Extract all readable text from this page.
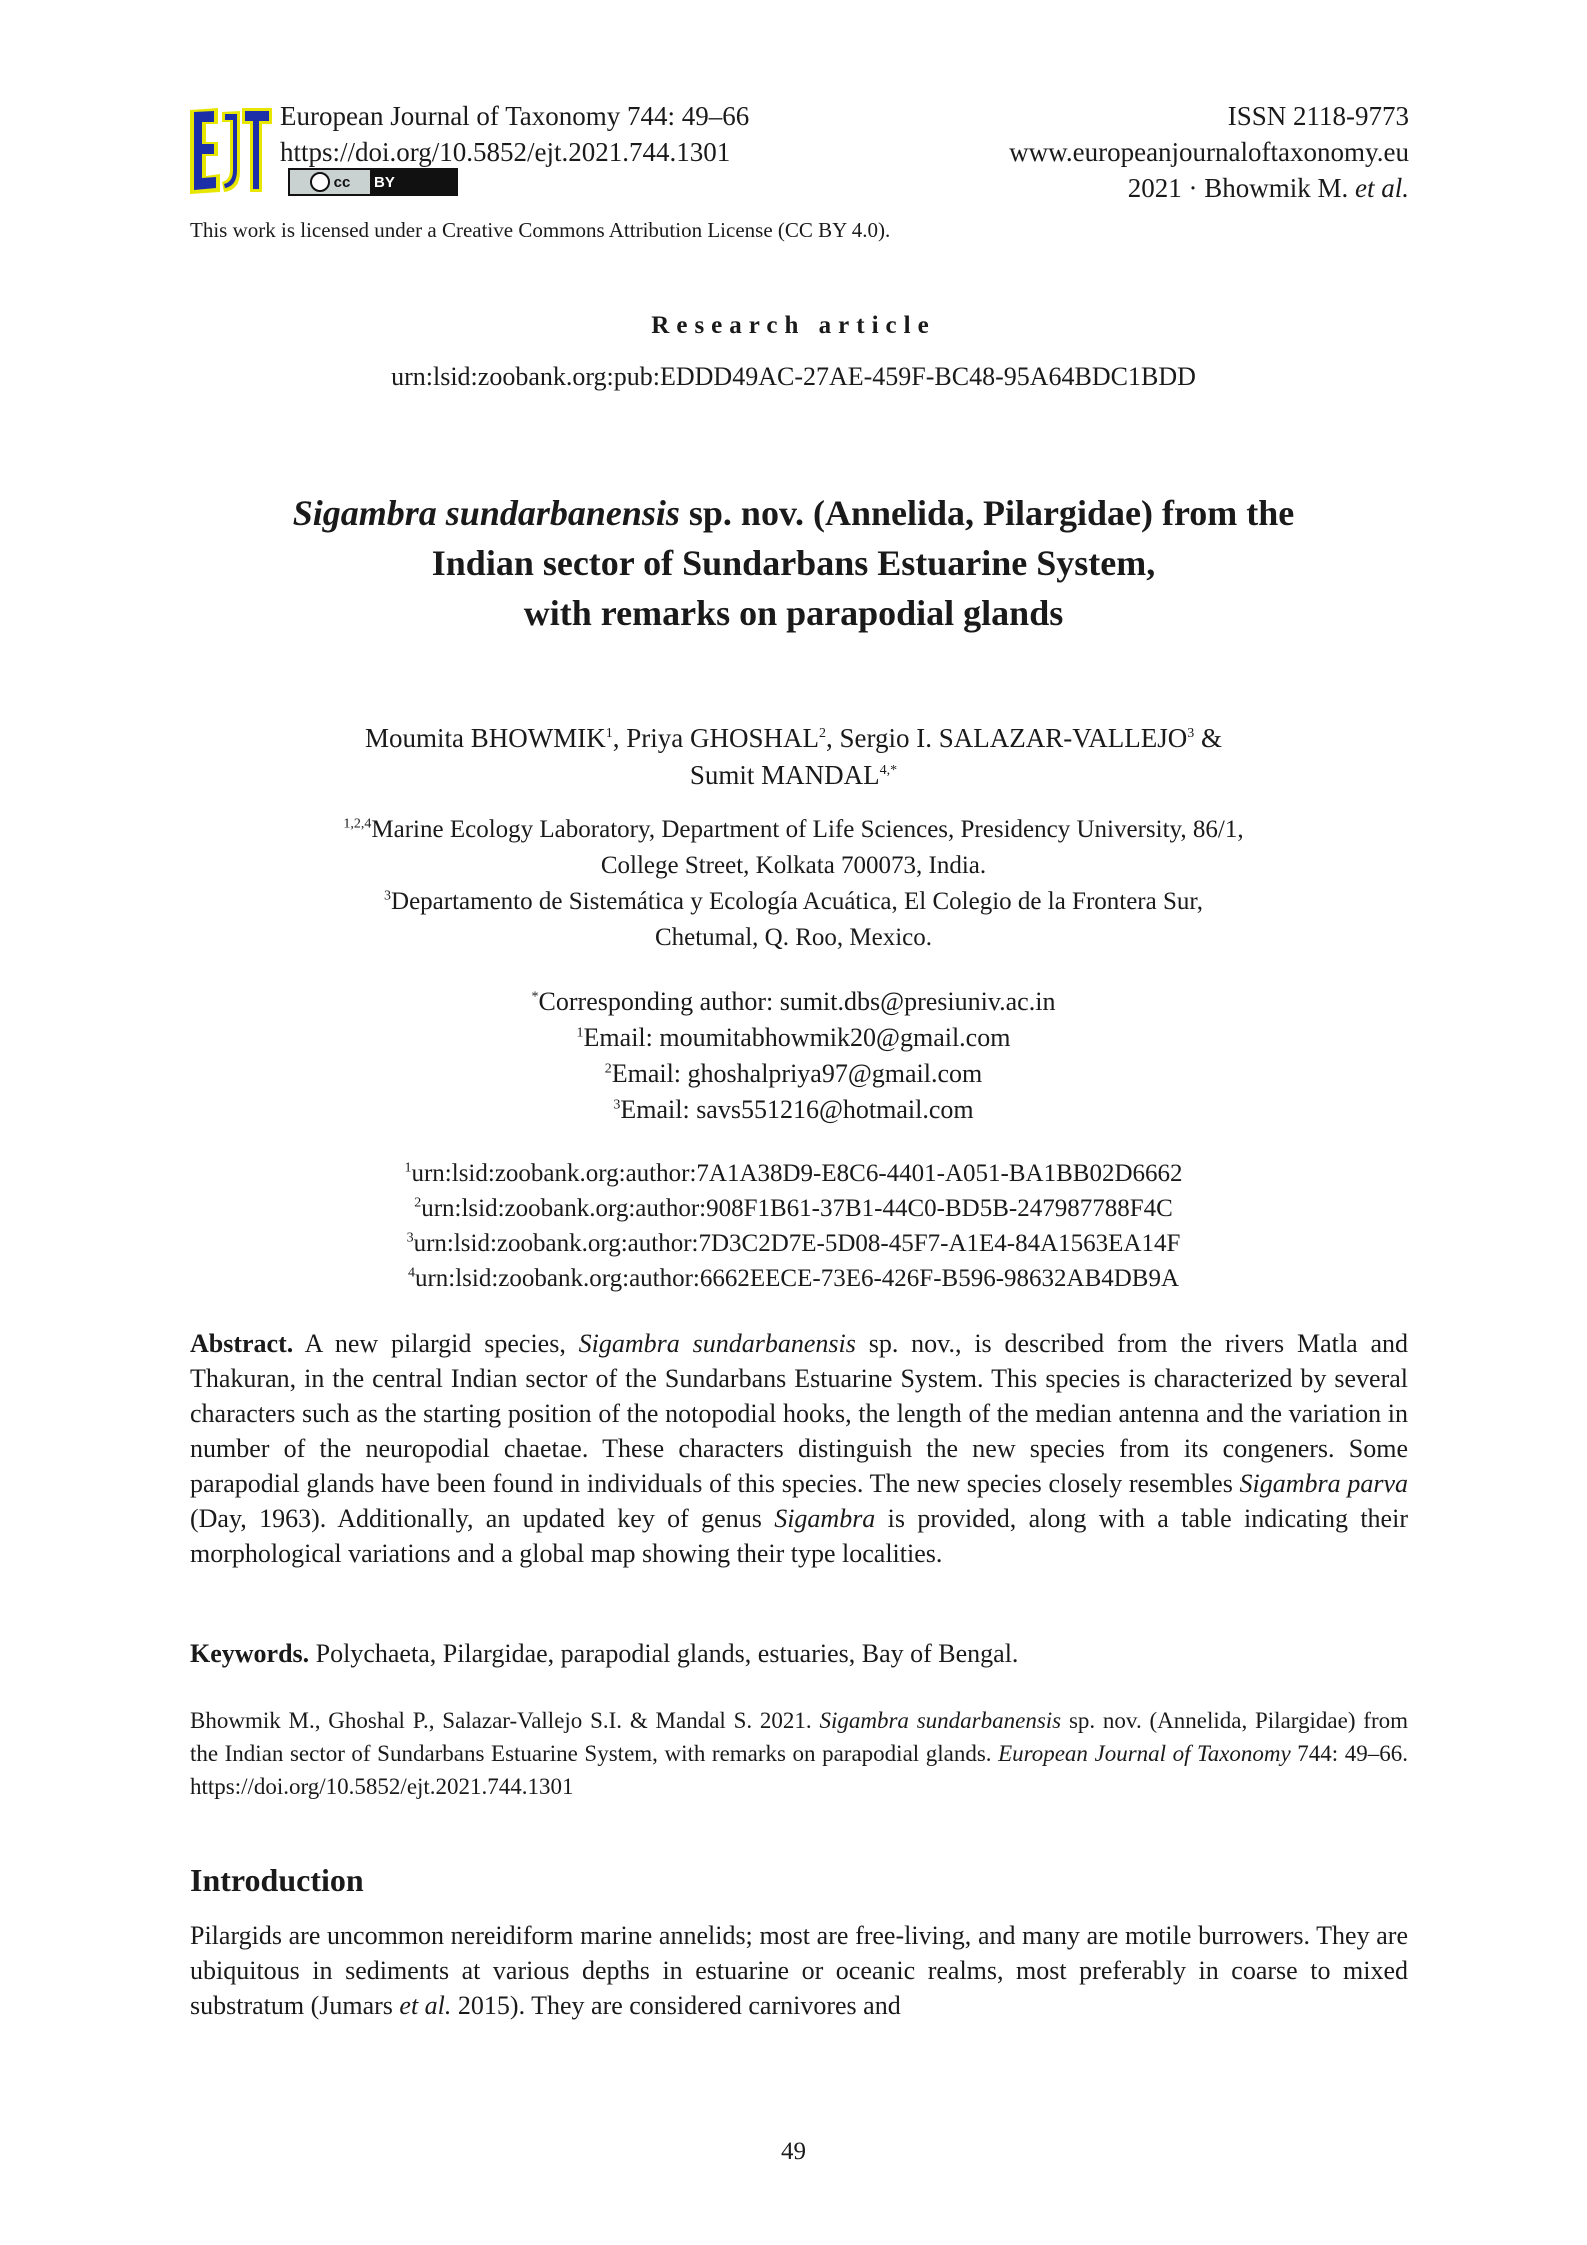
European Journal of Taxonomy 744: 49–66
https://doi.org/10.5852/ejt.2021.744.1301
cc BY
ISSN 2118-9773
www.europeanjournaloftaxonomy.eu
2021 · Bhowmik M. et al.
This work is licensed under a Creative Commons Attribution License (CC BY 4.0).
Research article
urn:lsid:zoobank.org:pub:EDDD49AC-27AE-459F-BC48-95A64BDC1BDD
Sigambra sundarbanensis sp. nov. (Annelida, Pilargidae) from the
Indian sector of Sundarbans Estuarine System,
with remarks on parapodial glands
Moumita BHOWMIK$^1$, Priya GHOSHAL$^2$, Sergio I. SALAZAR-VALLEJO$^3$ &
Sumit $MANDAL^{4,*}$
$^{1,2,4}$Marine Ecology Laboratory, Department of Life Sciences, Presidency University, 86/1,
College Street, Kolkata 700073, India.
$^3$Departamento de Sistemática y Ecología Acuática, El Colegio de la Frontera Sur,
Chetumal, Q. Roo, Mexico.
*Corresponding author: sumit.dbs@presiuniv.ac.in
$^1$Email: moumitabhowmik20@gmail.com
$^2$Email: ghoshalpriya97@gmail.com
$^3$Email: savs551216@hotmail.com
$^1$urn:lsid:zoobank.org:author:7A1A38D9-E8C6-4401-A051-BA1BB02D6662
$^2$urn:lsid:zoobank.org:author:908F1B61-37B1-44C0-BD5B-247987788F4C
$^3$urn:lsid:zoobank.org:author:7D3C2D7E-5D08-45F7-A1E4-84A1563EA14F
$^4$urn:lsid:zoobank.org:author:6662EECE-73E6-426F-B596-98632AB4DB9A
Abstract. A new pilargid species, Sigambra sundarbanensis sp. nov., is described from the rivers Matla and Thakuran, in the central Indian sector of the Sundarbans Estuarine System. This species is characterized by several characters such as the starting position of the notopodial hooks, the length of the median antenna and the variation in number of the neuropodial chaetae. These characters distinguish the new species from its congeners. Some parapodial glands have been found in individuals of this species. The new species closely resembles Sigambra parva (Day, 1963). Additionally, an updated key of genus Sigambra is provided, along with a table indicating their morphological variations and a global map showing their type localities.
Keywords. Polychaeta, Pilargidae, parapodial glands, estuaries, Bay of Bengal.
Bhowmik M., Ghoshal P., Salazar-Vallejo S.I. & Mandal S. 2021. Sigambra sundarbanensis sp. nov. (Annelida, Pilargidae) from the Indian sector of Sundarbans Estuarine System, with remarks on parapodial glands. European Journal of Taxonomy 744: 49–66. https://doi.org/10.5852/ejt.2021.744.1301
Introduction
Pilargids are uncommon nereidiform marine annelids; most are free-living, and many are motile burrowers. They are ubiquitous in sediments at various depths in estuarine or oceanic realms, most preferably in coarse to mixed substratum (Jumars et al. 2015). They are considered carnivores and
49
